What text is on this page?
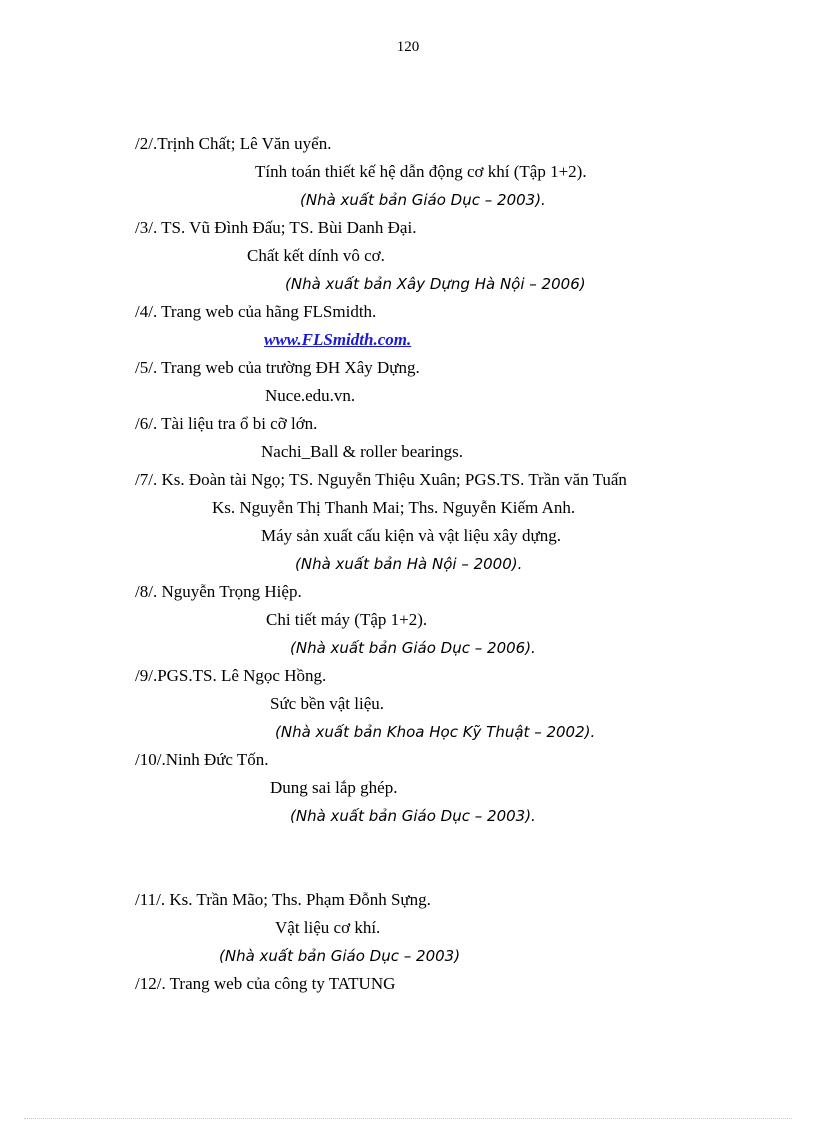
120
/2/.Trịnh Chất; Lê Văn uyển.
Tính toán thiết kế hệ dẫn động cơ khí (Tập 1+2).
(Nhà xuất bản Giáo Dục – 2003).
/3/. TS. Vũ Đình Đấu; TS. Bùi Danh Đại.
Chất kết dính vô cơ.
(Nhà xuất bản Xây Dựng Hà Nội – 2006)
/4/. Trang web của hãng FLSmidth.
www.FLSmidth.com.
/5/. Trang web của trường ĐH Xây Dựng.
Nuce.edu.vn.
/6/. Tài liệu tra ổ bi cỡ lớn.
Nachi_Ball & roller bearings.
/7/. Ks. Đoàn tài Ngọ; TS. Nguyễn Thiệu Xuân; PGS.TS. Trần văn Tuấn
Ks. Nguyễn Thị Thanh Mai; Ths. Nguyễn Kiếm Anh.
Máy sản xuất cấu kiện và vật liệu xây dựng.
(Nhà xuất bản Hà Nội – 2000).
/8/. Nguyễn Trọng Hiệp.
Chi tiết máy (Tập 1+2).
(Nhà xuất bản Giáo Dục – 2006).
/9/.PGS.TS. Lê Ngọc Hồng.
Sức bền vật liệu.
(Nhà xuất bản Khoa Học Kỹ Thuật – 2002).
/10/.Ninh Đức Tốn.
Dung sai lắp ghép.
(Nhà xuất bản Giáo Dục – 2003).
/11/. Ks. Trần Mão; Ths. Phạm Đỗnh Sựng.
Vật liệu cơ khí.
(Nhà xuất bản Giáo Dục – 2003)
/12/. Trang web của công ty TATUNG
